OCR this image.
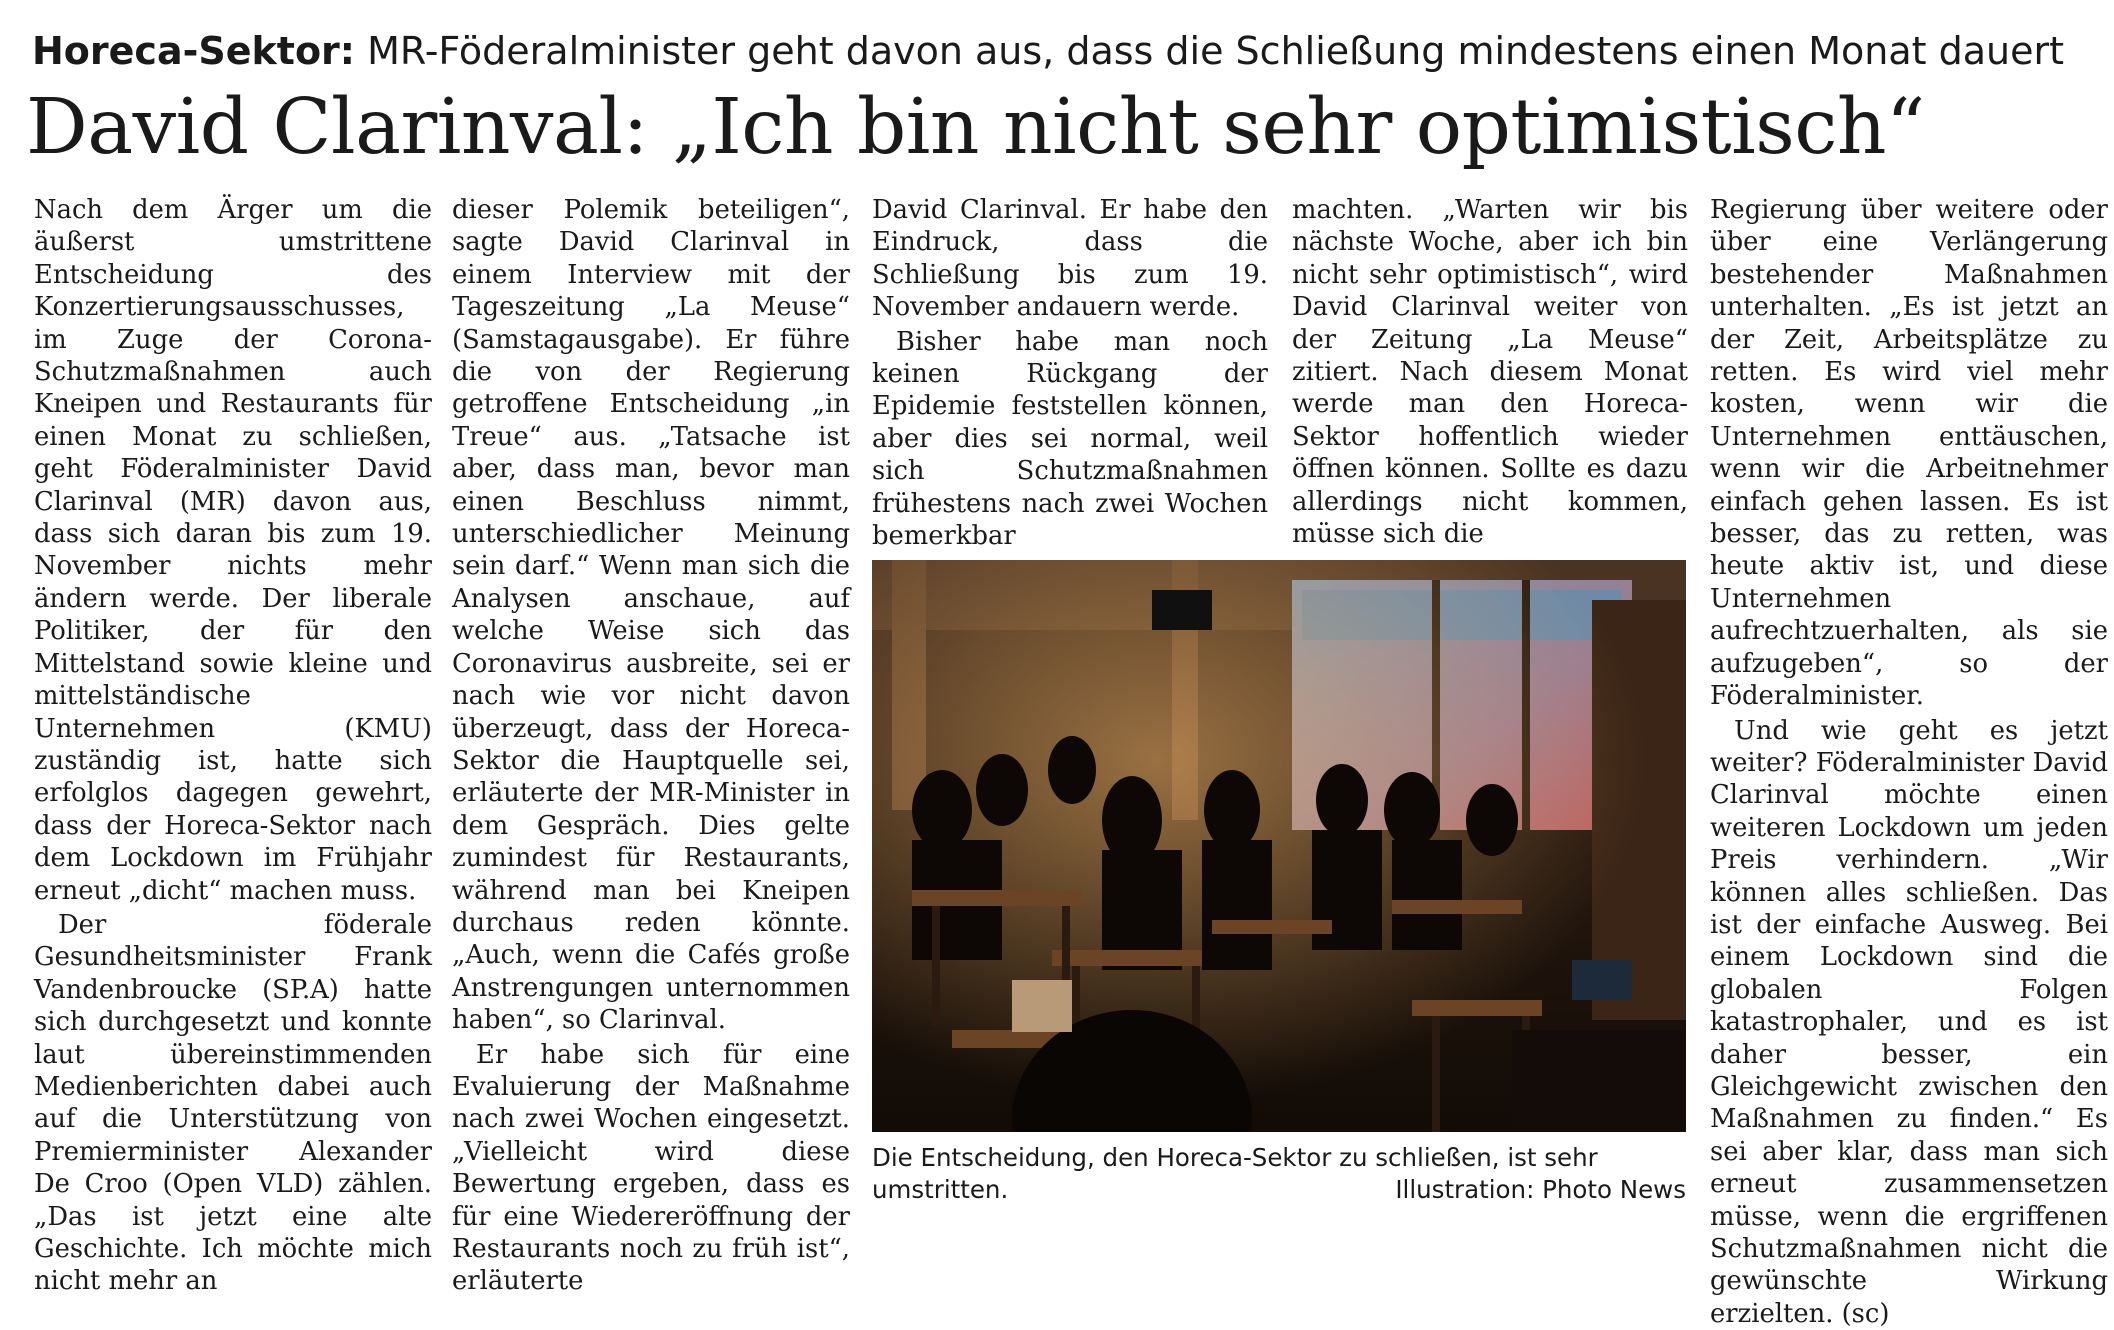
Horeca-Sektor: MR-Föderalminister geht davon aus, dass die Schließung mindestens einen Monat dauert
David Clarinval: „Ich bin nicht sehr optimistisch“

Nach dem Ärger um die äußerst umstrittene Entscheidung des Konzertierungsausschusses, im Zuge der Corona-Schutzmaßnahmen auch Kneipen und Restaurants für einen Monat zu schließen, geht Föderalminister David Clarinval (MR) davon aus, dass sich daran bis zum 19. November nichts mehr ändern werde. Der liberale Politiker, der für den Mittelstand sowie kleine und mittelständische Unternehmen (KMU) zuständig ist, hatte sich erfolglos dagegen gewehrt, dass der Horeca-Sektor nach dem Lockdown im Frühjahr erneut „dicht“ machen muss.

Der föderale Gesundheitsminister Frank Vandenbroucke (SP.A) hatte sich durchgesetzt und konnte laut übereinstimmenden Medienberichten dabei auch auf die Unterstützung von Premierminister Alexander De Croo (Open VLD) zählen. „Das ist jetzt eine alte Geschichte. Ich möchte mich nicht mehr an

dieser Polemik beteiligen“, sagte David Clarinval in einem Interview mit der Tageszeitung „La Meuse“ (Samstagausgabe). Er führe die von der Regierung getroffene Entscheidung „in Treue“ aus. „Tatsache ist aber, dass man, bevor man einen Beschluss nimmt, unterschiedlicher Meinung sein darf.“ Wenn man sich die Analysen anschaue, auf welche Weise sich das Coronavirus ausbreite, sei er nach wie vor nicht davon überzeugt, dass der Horeca-Sektor die Hauptquelle sei, erläuterte der MR-Minister in dem Gespräch. Dies gelte zumindest für Restaurants, während man bei Kneipen durchaus reden könnte. „Auch, wenn die Cafés große Anstrengungen unternommen haben“, so Clarinval.

Er habe sich für eine Evaluierung der Maßnahme nach zwei Wochen eingesetzt. „Vielleicht wird diese Bewertung ergeben, dass es für eine Wiedereröffnung der Restaurants noch zu früh ist“, erläuterte

David Clarinval. Er habe den Eindruck, dass die Schließung bis zum 19. November andauern werde.

Bisher habe man noch keinen Rückgang der Epidemie feststellen können, aber dies sei normal, weil sich Schutzmaßnahmen frühestens nach zwei Wochen bemerkbar

machten. „Warten wir bis nächste Woche, aber ich bin nicht sehr optimistisch“, wird David Clarinval weiter von der Zeitung „La Meuse“ zitiert. Nach diesem Monat werde man den Horeca-Sektor hoffentlich wieder öffnen können. Sollte es dazu allerdings nicht kommen, müsse sich die

Regierung über weitere oder über eine Verlängerung bestehender Maßnahmen unterhalten. „Es ist jetzt an der Zeit, Arbeitsplätze zu retten. Es wird viel mehr kosten, wenn wir die Unternehmen enttäuschen, wenn wir die Arbeitnehmer einfach gehen lassen. Es ist besser, das zu retten, was heute aktiv ist, und diese Unternehmen aufrechtzuerhalten, als sie aufzugeben“, so der Föderalminister.

Und wie geht es jetzt weiter? Föderalminister David Clarinval möchte einen weiteren Lockdown um jeden Preis verhindern. „Wir können alles schließen. Das ist der einfache Ausweg. Bei einem Lockdown sind die globalen Folgen katastrophaler, und es ist daher besser, ein Gleichgewicht zwischen den Maßnahmen zu finden.“ Es sei aber klar, dass man sich erneut zusammensetzen müsse, wenn die ergriffenen Schutzmaßnahmen nicht die gewünschte Wirkung erzielten. (sc)

Die Entscheidung, den Horeca-Sektor zu schließen, ist sehr umstritten.	Illustration: Photo News
